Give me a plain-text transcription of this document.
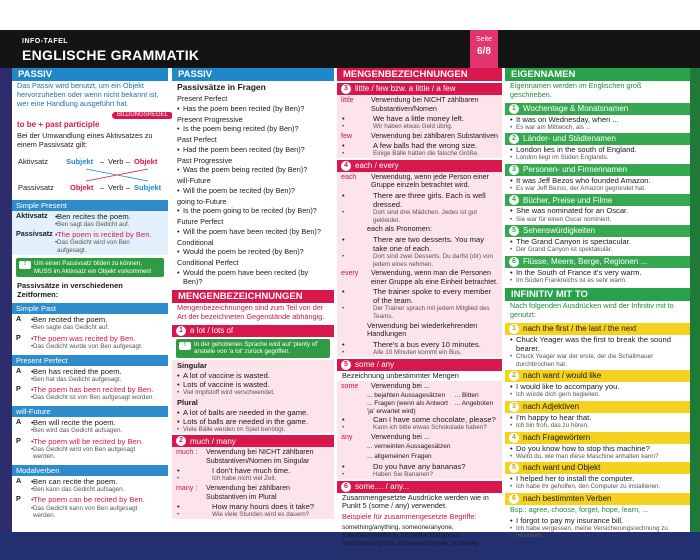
INFO-TAFEL
ENGLISCHE GRAMMATIK
Seite
6/8
PASSIV
Das Passiv wird benutzt, um ein Objekt hervorzuheben oder wenn nicht bekannt ist, wer eine Handlung ausgeführt hat.
BILDUNGSREGEL
to be + past participle
Bei der Umwandlung eines Aktivsatzes zu einem Passivsatz gilt:
Aktivsatz Subjekt – Verb – Objekt
Passivsatz Objekt – Verb – Subjekt
Simple Present
Aktivsatz	• Ben recites the poem.
• Ben sagt das Gedicht auf.
Passivsatz • The poem is recited by Ben.
• Das Gedicht wird von Ben aufgesagt.
!	Um einen Passivsatz bilden zu können, MUSS im Aktivsatz ein Objekt vorkommen!
Passivsätze in verschiedenen Zeitformen:
Simple Past
A	• Ben recited the poem.
• Ben sagte das Gedicht auf.
P	• The poem was recited by Ben.
• Das Gedicht wurde von Ben aufgesagt.
Present Perfect
A	• Ben has recited the poem.
• Ben hat das Gedicht aufgesagt.
P	• The poem has been recited by Ben.
• Das Gedicht ist von Ben aufgesagt worden.
will-Future
A	• Ben will recite the poem.
• Ben wird das Gedicht aufsagen.
P	• The poem will be recited by Ben.
• Das Gedicht wird von Ben aufgesagt werden.
Modalverben
A	• Ben can recite the poem.
• Ben kann das Gedicht aufsagen.
P	• The poem can be recited by Ben.
• Das Gedicht kann von Ben aufgesagt werden.
PASSIV
Passivsätze in Fragen
Present Perfect
• Has the poem been recited (by Ben)?
Present Progressive
• Is the poem being recited (by Ben)?
Past Perfect
• Had the poem been recited (by Ben)?
Past Progressive
• Was the poem being recited (by Ben)?
will-Future
• Will the poem be recited (by Ben)?
going to-Future
• Is the poem going to be recited (by Ben)?
Future Perfect
• Will the poem have been recited (by Ben)?
Conditional
• Would the poem be recited (by Ben)?
Conditional Perfect
• Would the poem have been recited (by Ben)?
MENGENBEZEICHNUNGEN
Mengenbezeichnungen sind zum Teil von der Art der bezeichneten Gegenstände abhängig.
1 a lot / lots of
!	In der gehobenen Sprache wird auf 'plenty of' anstelle von 'a lot' zurück gegriffen.
Singular
• A lot of vaccine is wasted.
• Lots of vaccine is wasted.
• Viel Impfstoff wird verschwendet.
Plural
• A lot of balls are needed in the game.
• Lots of balls are needed in the game.
• Viele Bälle werden im Spiel benötigt.
2 much / many
much :	Verwendung bei NICHT zählbaren Substantiven/Nomen im Singular
• I don't have much time.
• Ich habe nicht viel Zeit.
many :	Verwendung bei zählbaren Substantiven im Plural
• How many hours does it take?
• Wie viele Stunden wird es dauern?
MENGENBEZEICHNUNGEN
3 little / few bzw. a little / a few
little	Verwendung bei NICHT zählbaren Substantiven/Nomen
• We have a little money left.
• Wir haben etwas Geld übrig.
few	Verwendung bei zählbaren Substantiven
• A few balls had the wrong size.
• Einige Bälle hatten die falsche Größe.
4 each / every
each	Verwendung, wenn jede Person einer Gruppe einzeln betrachtet wird.
• There are three girls. Each is well dressed.
• Dort sind drei Mädchen. Jedes ist gut gekleidet.
each als Pronomen:
• There are two desserts. You may take one of each.
• Dort sind zwei Desserts. Du darfst (dir) von jedem eines nehmen.
every	Verwendung, wenn man die Personen einer Gruppe als eine Einheit betrachtet.
• The trainer spoke to every member of the team.
• Der Trainer sprach mit jedem Mitglied des Teams.
Verwendung bei wiederkehrenden Handlungen
• There's a bus every 10 minutes.
• Alle 10 Minuten kommt ein Bus.
5 some / any
Bezeichnung unbestimmter Mengen
some	Verwendung bei ...
... bejahten Aussagesätzen
... Fragen (wenn als Antwort 'ja' erwartet wird)
... Bitten
... Angeboten
• Can I have some chocolate, please?
• Kann ich bitte etwas Schokolade haben?
any	Verwendung bei ...
... verneinten Aussagesätzen
... allgemeinen Fragen
• Do you have any bananas?
• Haben Sie Bananen?
6 some.... / any...
Zusammengesetzte Ausdrücke werden wie in Punkt 5 (some / any) verwendet.
Beispiele für zusammengesetzte Begriffe:
something/anything, someone/anyone, somebody/anybody, someplace/anyplace, somehow/anyhow, someway/anyway, someday
EIGENNAMEN
Eigennamen werden im Englischen groß geschrieben.
1 Wochentage & Monatsnamen
• It was on Wednesday, when ...
• Es war am Mittwoch, als ...
2 Länder- und Städtenamen
• London lies in the south of England.
• London liegt im Süden Englands.
3 Personen- und Firmennamen
• It was Jeff Bezos who founded Amazon.
• Es war Jeff Bezos, der Amazon gegründet hat.
4 Bücher, Preise und Filme
• She was nominated for an Oscar.
• Sie war für einen Oscar nominiert.
5 Sehenswürdigkeiten
• The Grand Canyon is spectacular.
• Der Grand Canyon ist spektakulär.
6 Flüsse, Meere, Berge, Regionen ...
• In the South of France it's very warm.
• Im Süden Frankreichs ist es sehr warm.
INFINITIV MIT TO
Nach folgenden Ausdrücken wird der Infinitiv mit to genutzt:
1 nach the first / the last / the next
• Chuck Yeager was the first to break the sound bearer.
• Chuck Yeager war der erste, der die Schallmauer durchbrochen hat.
2 nach want / would like
• I would like to accompany you.
• Ich würde dich gern begleiten.
3 nach Adjektiven
• I'm happy to hear that.
• Ich bin froh, das zu hören.
4 nach Fragewörtern
• Do you know how to stop this machine?
• Weißt du, wie man diese Maschine anhalten kann?
5 nach want und Objekt
• I helped her to install the computer.
• Ich habe ihr geholfen, den Computer zu installieren.
6 nach bestimmten Verben
Bsp.: agree, choose, forget, hope, learn, ...
• I forgot to pay my insurance bill.
• Ich habe vergessen, meine Versicherungsrechnung zu bezahlen.
